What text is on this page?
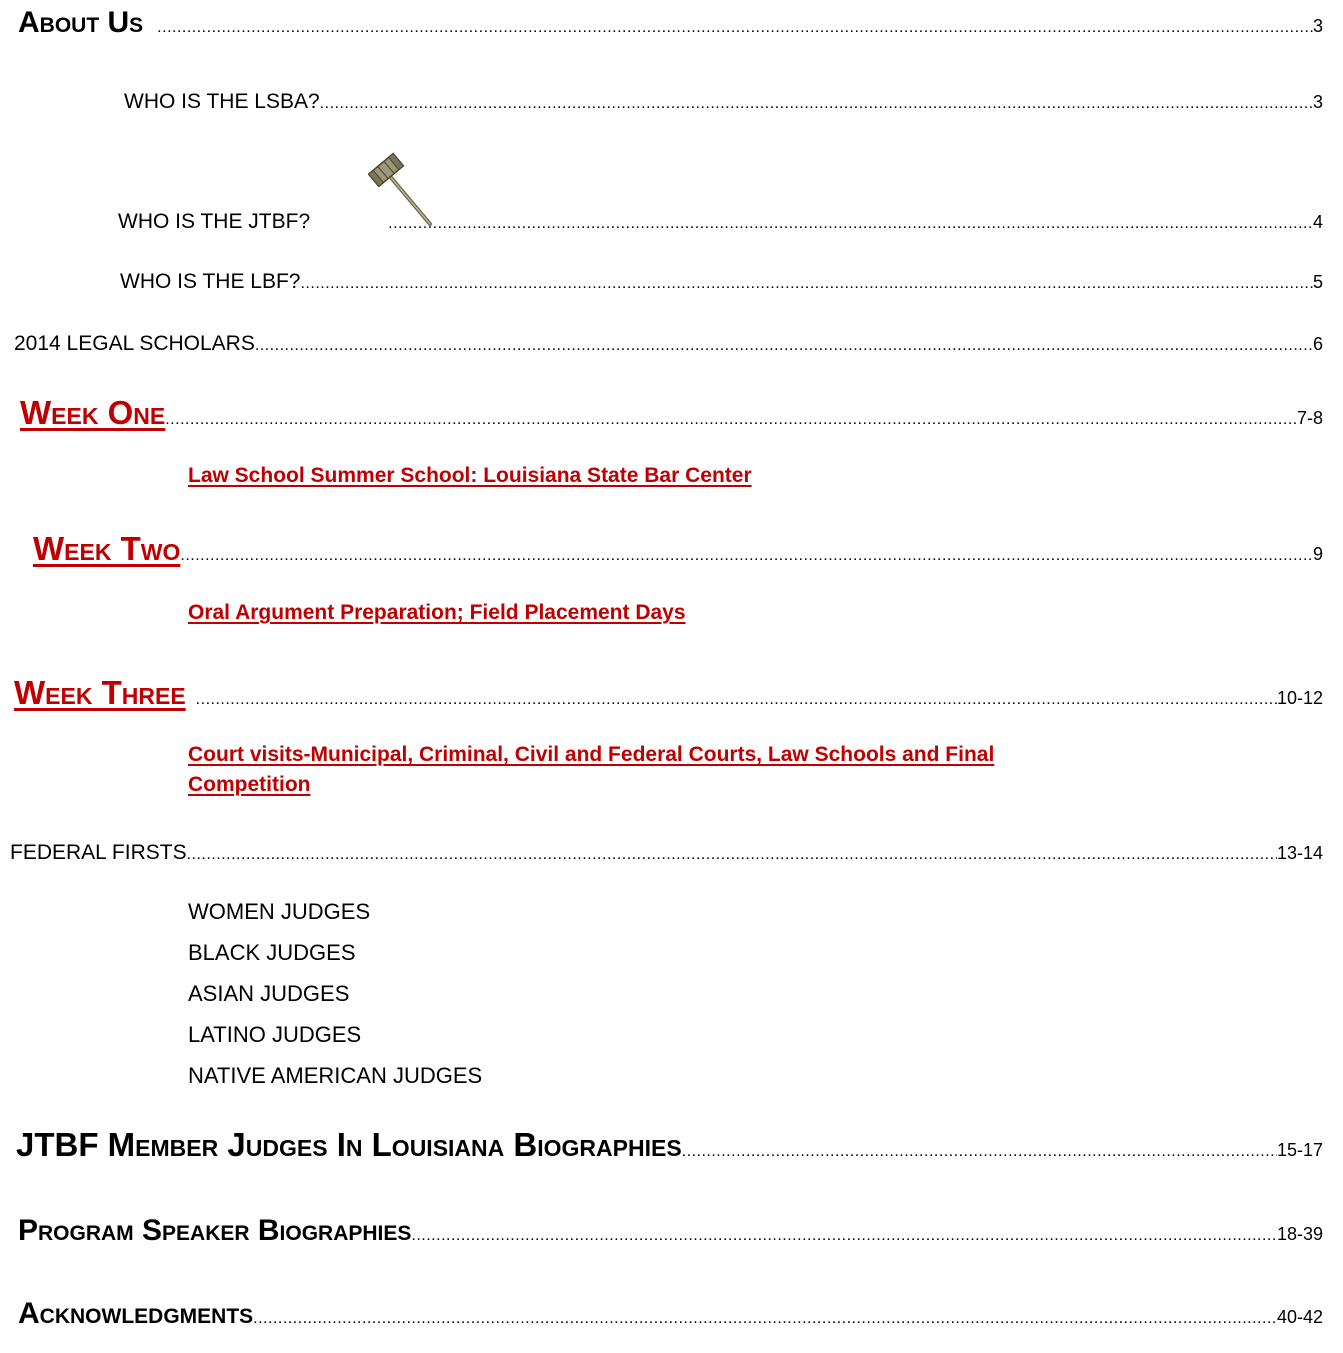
About Us .....	3
WHO IS THE LSBA? .....	3
WHO IS THE JTBF? .....	4
WHO IS THE LBF? .....	5
2014 LEGAL SCHOLARS .....	6
Week One .....	7-8
Law School Summer School: Louisiana State Bar Center
Week Two .....	9
Oral Argument Preparation; Field Placement Days
Week Three .....	10-12
Court visits-Municipal, Criminal, Civil and Federal Courts, Law Schools and Final
Competition
FEDERAL FIRSTS .....	13-14
WOMEN JUDGES
BLACK JUDGES
ASIAN JUDGES
LATINO JUDGES
NATIVE AMERICAN JUDGES
JTBF Member Judges In Louisiana Biographies .....	15-17
Program Speaker Biographies .....	18-39
Acknowledgments .....	40-42
